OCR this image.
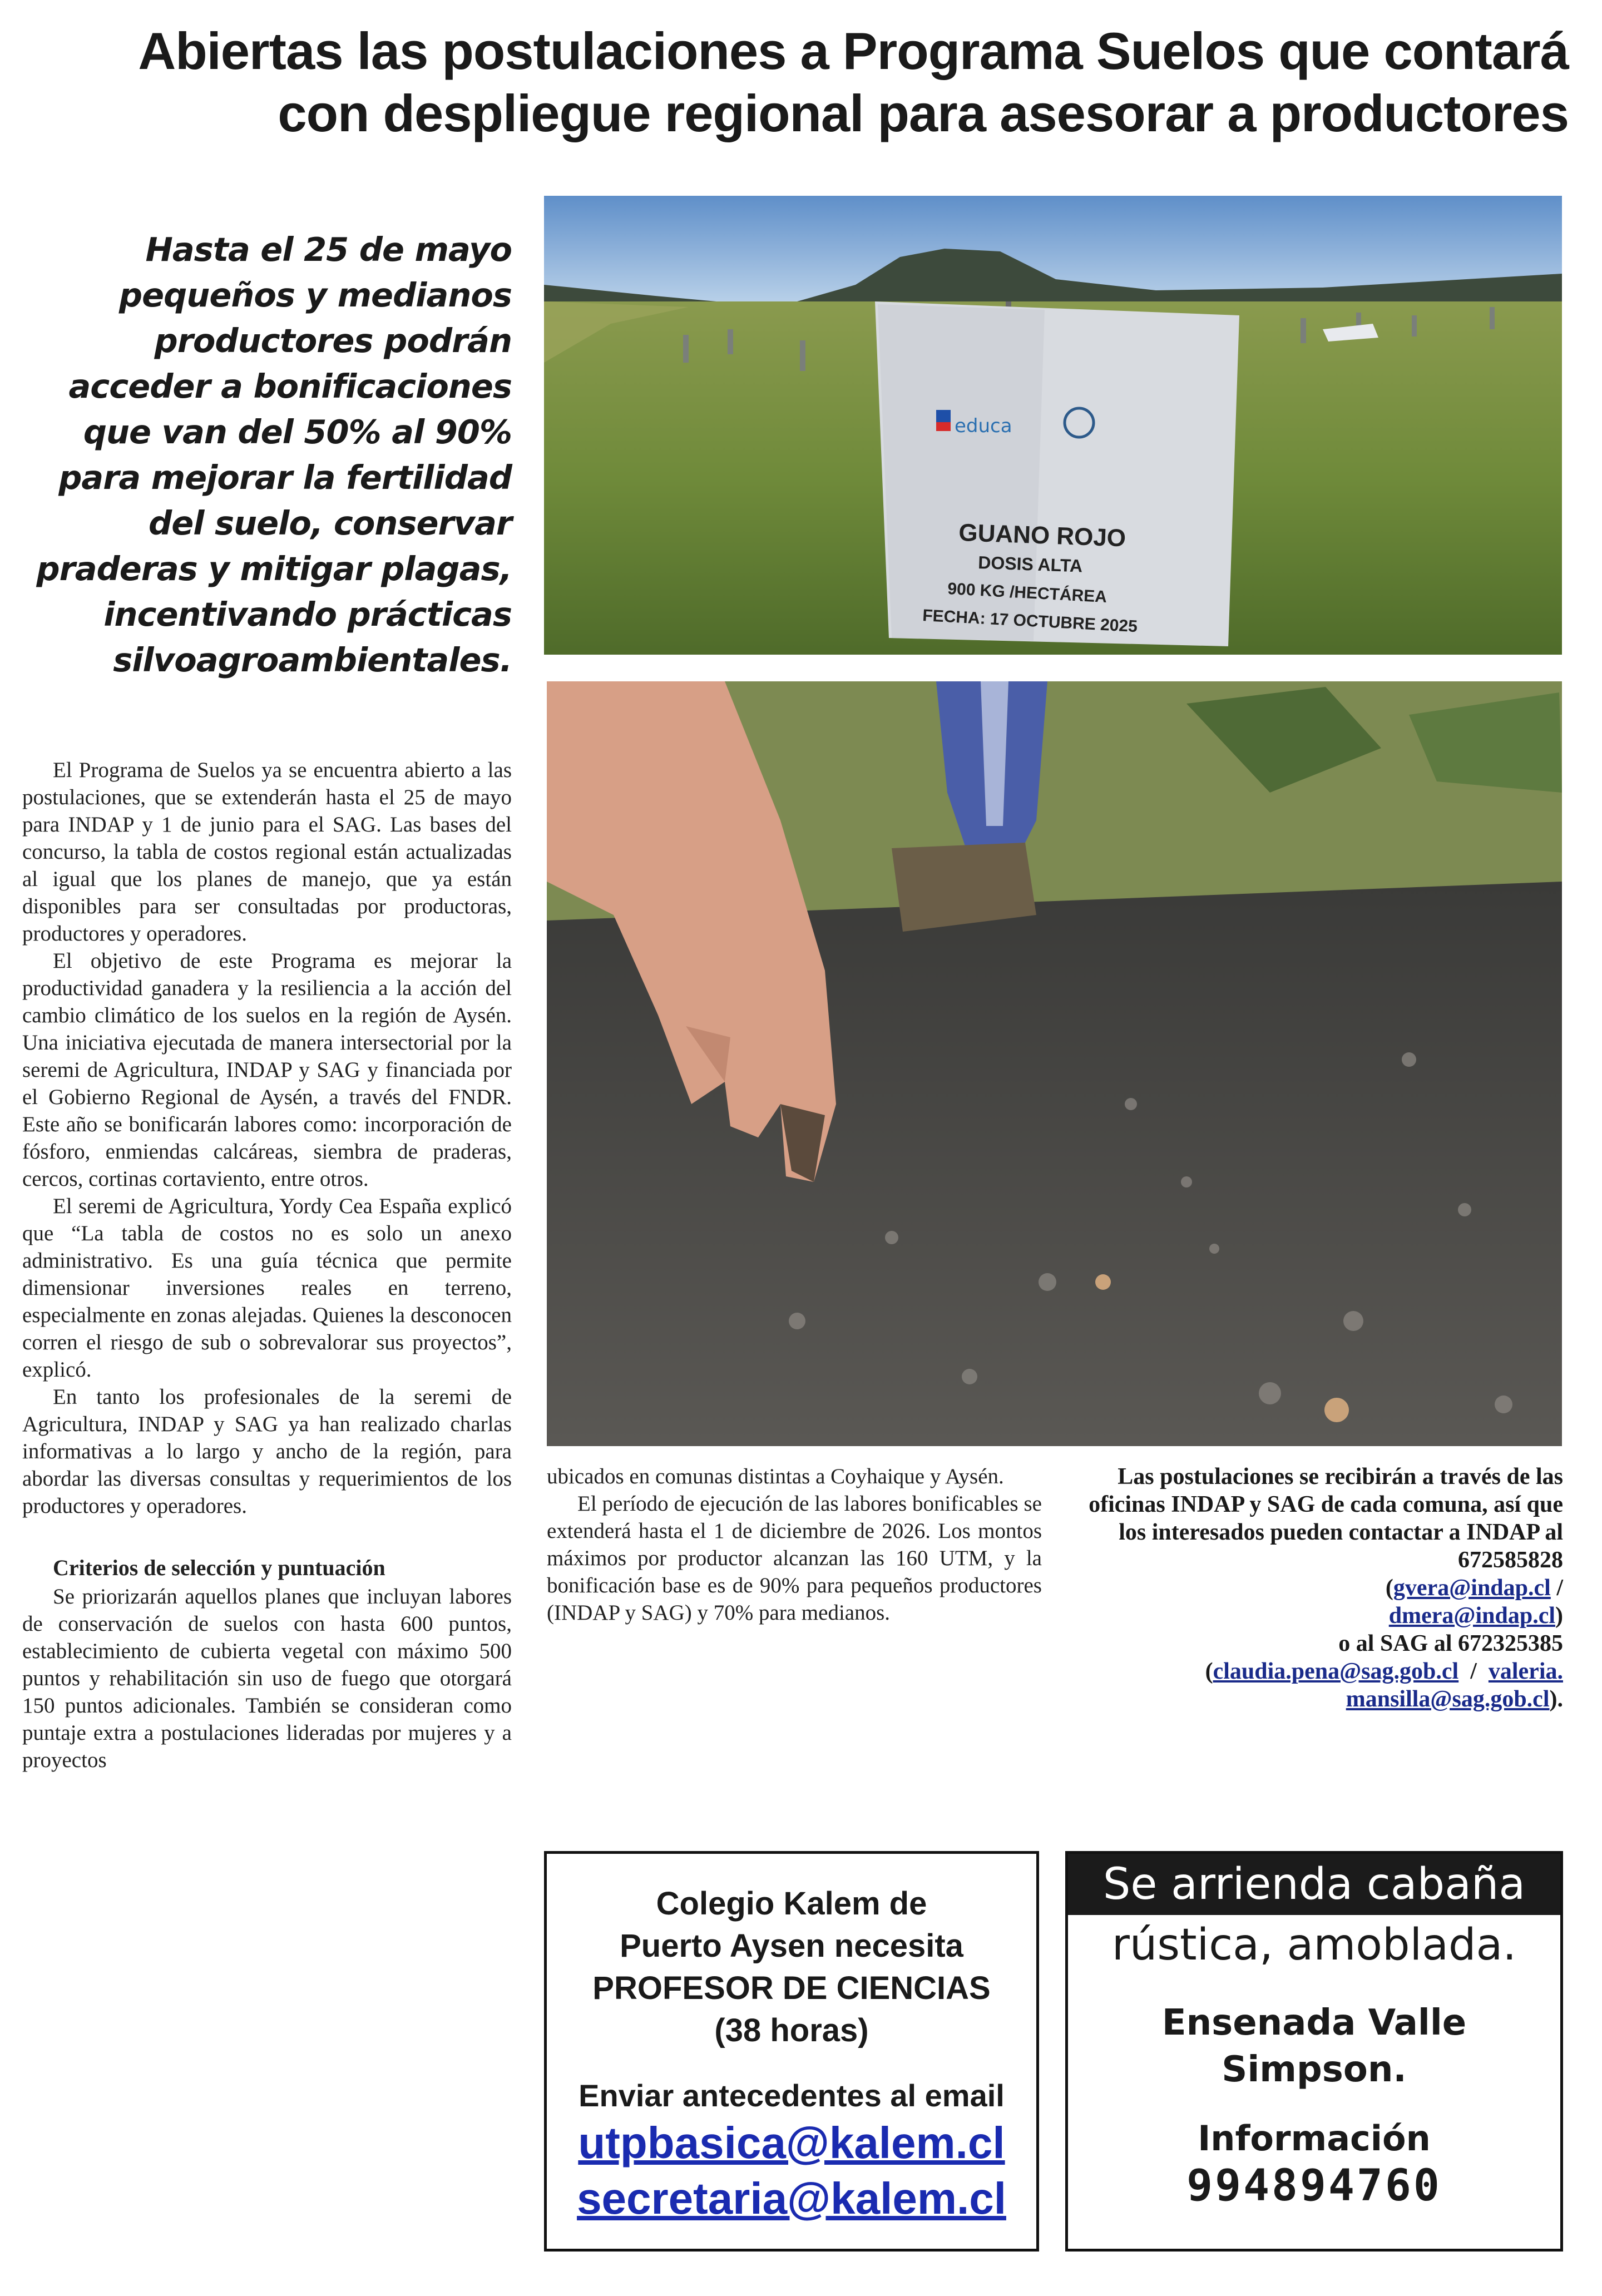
Abiertas las postulaciones a Programa Suelos que contará
con despliegue regional para asesorar a productores

Hasta el 25 de mayo pequeños y medianos productores podrán acceder a bonificaciones que van del 50% al 90% para mejorar la fertilidad del suelo, conservar praderas y mitigar plagas, incentivando prácticas silvoagroambientales.

educa
GUANO ROJO
DOSIS ALTA
900 KG /HECTÁREA
FECHA: 17 OCTUBRE 2025

El Programa de Suelos ya se encuentra abierto a las postulaciones, que se extenderán hasta el 25 de mayo para INDAP y 1 de junio para el SAG. Las bases del concurso, la tabla de costos regional están actualizadas al igual que los planes de manejo, que ya están disponibles para ser consultadas por productoras, productores y operadores.

El objetivo de este Programa es mejorar la productividad ganadera y la resiliencia a la acción del cambio climático de los suelos en la región de Aysén. Una iniciativa ejecutada de manera intersectorial por la seremi de Agricultura, INDAP y SAG y financiada por el Gobierno Regional de Aysén, a través del FNDR. Este año se bonificarán labores como: incorporación de fósforo, enmiendas calcáreas, siembra de praderas, cercos, cortinas cortaviento, entre otros.

El seremi de Agricultura, Yordy Cea España explicó que “La tabla de costos no es solo un anexo administrativo. Es una guía técnica que permite dimensionar inversiones reales en terreno, especialmente en zonas alejadas. Quienes la desconocen corren el riesgo de sub o sobrevalorar sus proyectos”, explicó.

En tanto los profesionales de la seremi de Agricultura, INDAP y SAG ya han realizado charlas informativas a lo largo y ancho de la región, para abordar las diversas consultas y requerimientos de los productores y operadores.

Criterios de selección y puntuación

Se priorizarán aquellos planes que incluyan labores de conservación de suelos con hasta 600 puntos, establecimiento de cubierta vegetal con máximo 500 puntos y rehabilitación sin uso de fuego que otorgará 150 puntos adicionales. También se consideran como puntaje extra a postulaciones lideradas por mujeres y a proyectos

ubicados en comunas distintas a Coyhaique y Aysén.

El período de ejecución de las labores bonificables se extenderá hasta el 1 de diciembre de 2026. Los montos máximos por productor alcanzan las 160 UTM, y la bonificación base es de 90% para pequeños productores (INDAP y SAG) y 70% para medianos.

Las postulaciones se recibirán a través de las oficinas INDAP y SAG de cada comuna, así que los interesados pueden contactar a INDAP al 672585828
(gvera@indap.cl /
dmera@indap.cl)
o al SAG al 672325385
(claudia.pena@sag.gob.cl  /  valeria.
mansilla@sag.gob.cl).
Colegio Kalem de
Puerto Aysen necesita
PROFESOR DE CIENCIAS
(38 horas)
Enviar antecedentes al email
utpbasica@kalem.cl
secretaria@kalem.cl
Se arrienda cabaña
rústica, amoblada.
Ensenada Valle
Simpson.
Información
994894760
